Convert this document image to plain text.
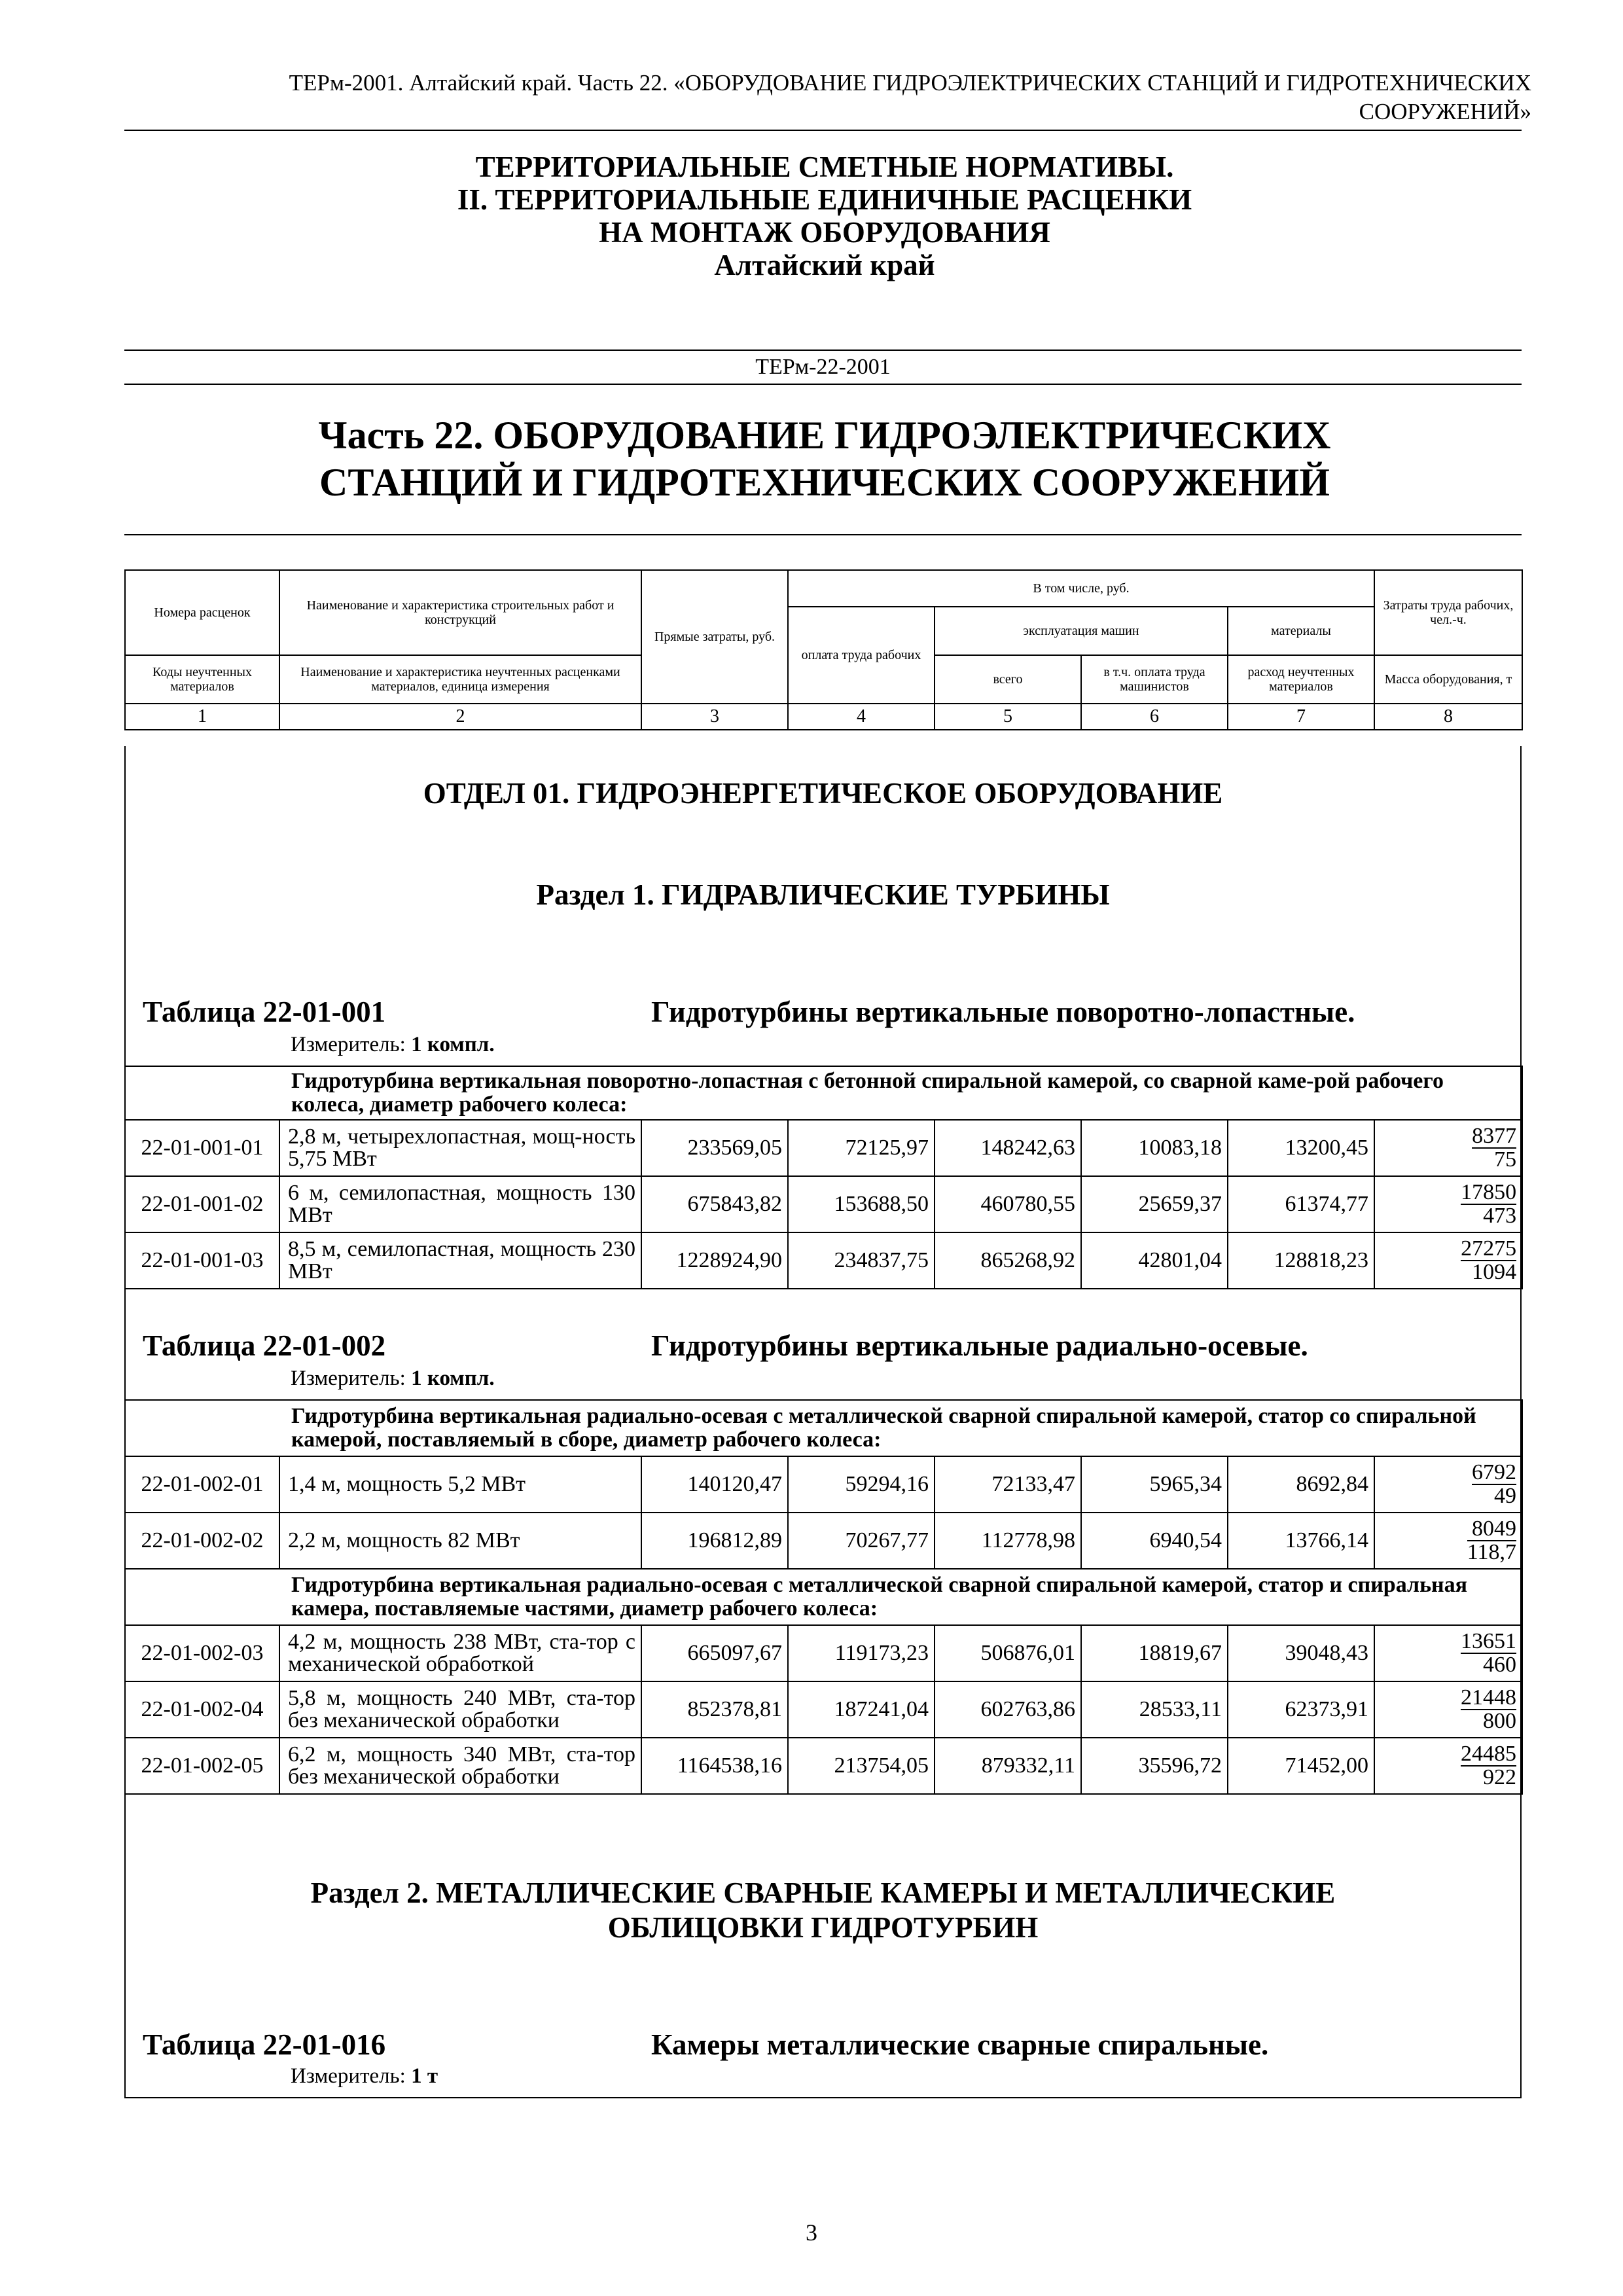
ТЕРм-2001. Алтайский край. Часть 22. «ОБОРУДОВАНИЕ ГИДРОЭЛЕКТРИЧЕСКИХ СТАНЦИЙ И ГИДРОТЕХНИЧЕСКИХ
СООРУЖЕНИЙ»
ТЕРРИТОРИАЛЬНЫЕ СМЕТНЫЕ НОРМАТИВЫ.
II. ТЕРРИТОРИАЛЬНЫЕ ЕДИНИЧНЫЕ РАСЦЕНКИ
НА МОНТАЖ ОБОРУДОВАНИЯ
Алтайский край
ТЕРм-22-2001
Часть 22. ОБОРУДОВАНИЕ ГИДРОЭЛЕКТРИЧЕСКИХ
СТАНЦИЙ И ГИДРОТЕХНИЧЕСКИХ СООРУЖЕНИЙ
Номера расценок	Наименование и характеристика строительных работ и конструкций	Прямые затраты, руб.	В том числе, руб.				Затраты труда рабочих, чел.-ч.
			оплата труда рабочих	эксплуатация машин		материалы	
Коды неучтенных материалов	Наименование и характеристика неучтенных расценками материалов, единица измерения			всего	в т.ч. оплата труда машинистов	расход неучтенных материалов	Масса оборудования, т
1	2	3	4	5	6	7	8
ОТДЕЛ 01. ГИДРОЭНЕРГЕТИЧЕСКОЕ ОБОРУДОВАНИЕ
Раздел 1. ГИДРАВЛИЧЕСКИЕ ТУРБИНЫ
Таблица 22-01-001	Гидротурбины вертикальные поворотно-лопастные.
Измеритель: 1 компл.
Гидротурбина вертикальная поворотно-лопастная с бетонной спиральной камерой, со сварной каме-рой рабочего колеса, диаметр рабочего колеса:							
22-01-001-01	2,8 м, четырехлопастная, мощ-ность 5,75 МВт	233569,05	72125,97	148242,63	10083,18	13200,45	$\frac{8377}{75}$

22-01-001-02	6 м, семилопастная, мощность 130 МВт	675843,82	153688,50	460780,55	25659,37	61374,77	$\frac{17850}{473}$

22-01-001-03	8,5 м, семилопастная, мощность 230 МВт	1228924,90	234837,75	865268,92	42801,04	128818,23	$\frac{27275}{1094}$
Таблица 22-01-002	Гидротурбины вертикальные радиально-осевые.
Измеритель: 1 компл.
Гидротурбина вертикальная радиально-осевая с металлической сварной спиральной камерой, статор со спиральной камерой, поставляемый в сборе, диаметр рабочего колеса:							
22-01-002-01	1,4 м, мощность 5,2 МВт	140120,47	59294,16	72133,47	5965,34	8692,84	$\frac{6792}{49}$

22-01-002-02	2,2 м, мощность 82 МВт	196812,89	70267,77	112778,98	6940,54	13766,14	$\frac{8049}{118,7}$

Гидротурбина вертикальная радиально-осевая с металлической сварной спиральной камерой, статор и спиральная камера, поставляемые частями, диаметр рабочего колеса:							
22-01-002-03	4,2 м, мощность 238 МВт, ста-тор с механической обработкой	665097,67	119173,23	506876,01	18819,67	39048,43	$\frac{13651}{460}$

22-01-002-04	5,8 м, мощность 240 МВт, ста-тор без механической обработки	852378,81	187241,04	602763,86	28533,11	62373,91	$\frac{21448}{800}$

22-01-002-05	6,2 м, мощность 340 МВт, ста-тор без механической обработки	1164538,16	213754,05	879332,11	35596,72	71452,00	$\frac{24485}{922}$
Раздел 2. МЕТАЛЛИЧЕСКИЕ СВАРНЫЕ КАМЕРЫ И МЕТАЛЛИЧЕСКИЕ
ОБЛИЦОВКИ ГИДРОТУРБИН
Таблица 22-01-016	Камеры металлические сварные спиральные.
Измеритель: 1 т
3
